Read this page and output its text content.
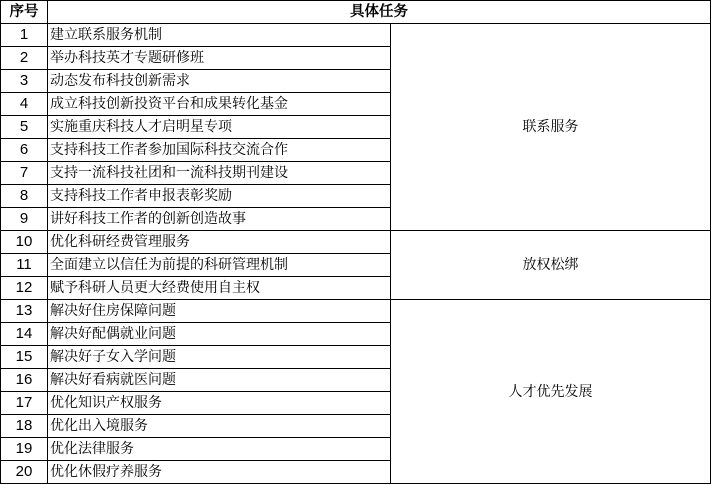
序号	具体任务	
1	建立联系服务机制	联系服务
2	举办科技英才专题研修班	
3	动态发布科技创新需求	
4	成立科技创新投资平台和成果转化基金	
5	实施重庆科技人才启明星专项	
6	支持科技工作者参加国际科技交流合作	
7	支持一流科技社团和一流科技期刊建设	
8	支持科技工作者申报表彰奖励	
9	讲好科技工作者的创新创造故事	
10	优化科研经费管理服务	放权松绑
11	全面建立以信任为前提的科研管理机制	
12	赋予科研人员更大经费使用自主权	
13	解决好住房保障问题	人才优先发展
14	解决好配偶就业问题	
15	解决好子女入学问题	
16	解决好看病就医问题	
17	优化知识产权服务	
18	优化出入境服务	
19	优化法律服务	
20	优化休假疗养服务	
